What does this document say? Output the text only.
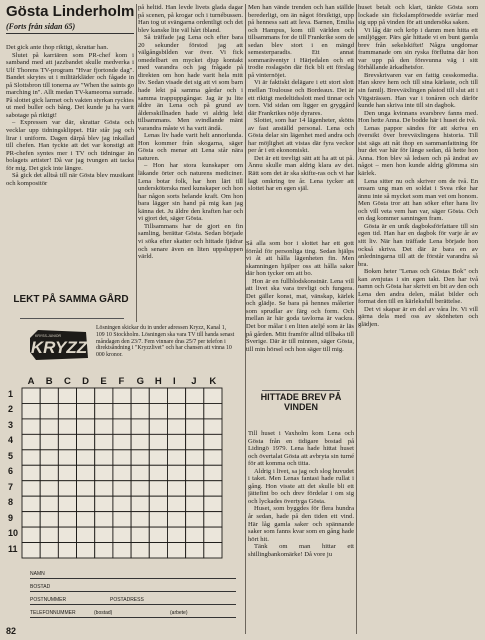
Gösta Linderholm
(Forts från sidan 65)

Det gick ante ihop riktigt, skrattar han.

Slutet på karriären som PR-chef kom i samband med att jazzbandet skulle medverka i Ulf Thorens TV-program "Hvar fjortonde dag". Bandet skrytes ut i militärkläder och fågade in på Slottsbron till tonerna av "When the saints go marching in". Allt medan TV-kameorna surrade. På slottet gick larmet och vakten styrkan rycktes ut med buller och bång. Det kunde ju ha varit sabotage på riktigt!

– Expressen var där, skrattar Gösta och vecklar upp tidningsklippet. Här står jag och lirar i uniform. Dagen därpå blev jag inkallad till chefen. Han tyckte att det var konstigt att PR-chefen syntes mer i TV och tidningar än bolagets artister! Då var jag tvungen att tacka för mig. Det gick inte längre.

Så gick det alltså till när Gösta blev musikant och kompositör

LEKT PÅ SAMMA GÅRD

på heltid. Han levde livets glada dagar på scenen, på krogar och i turnébussen. Han tog ut svängarna ordentligt och det blev kanske lite väl hårt ibland.

Så träffade jag Lena och efter bara 20 sekunder förstod jag att välgångsbilden var över. Vi fick omedelbart en mycket djup kontakt med varandra och jag frågade på direkten om hon hade varit hela mitt liv. Sedan visade det sig att vi som barn hade lekt på samma gårdar och i samma trappuppgångar. Jag är ju lite äldre än Lena och på grund av åldersskillnaden hade vi aldrig lekt tillsammans. Men svindlande mänt varandra måste vi ha varit ändå.

Lenas liv hade varit helt annorlunda. Hon kommer från skogarna, säger Gösta och menar att Lena står nära naturen.

– Hon har stora kunskaper om läkande örter och naturens mediciner. Lena botar folk, har hon lärt till undersköterska med kunskaper och hon har någon sorts helande kraft. Om hon bara lägger sin hand på mig kan jag känna det. Ju äldre den kraften har och vi gjort det, säger Gösta.

Tillsammans har de gjort en fin samling, berättar Gösta. Sedan började vi söka efter skatter och hittade fjädrar och senare även en liten uppsluppen värld.

Men han vände trenden och han ställde berederligt, om än något försiktigt, upp på henness satt att leva. Barnen, Emilia och Hampus, kom till världen och tillsammans for de till Frankrike som de sedan blev stort i en mängd semesterparadis. Ett annat sommaräventyr i Härjedalen och ett trodie roslagsön där fick bli ett förslag på vinternöjet.

Vi är faktiskt delägare i ett stort slott mellan Toulouse och Bordeaux. Det är ett riktigt medeltidsslott med tinnar och torn. Vid sidan om ligger en gryggård där Frankrikes nöje dyrares.

Slottet, som har 14 lägenheter, skötts av fast anställd personal. Lena och Gösta delar sin lägenhet med andra och har möjlighet att vistas där fyra veckor per år i ett ekonomiskt.

Det är ett trevligt sätt att ha att ut på. Ännu skulle man aldrig klara av det. Rätt som det är ska skifte-ras och vi har lagt omkring tre år. Lena tycker att slottet har en egen själ.

Så alla som bor i slottet har ett gott förråd för personliga ting. Sedan hjälps vi åt att hålla lägenheten fin. Men skamningen hjälper oss att hålla saker där hon tycker om att bo.

Hon är en fullblodskonstnär. Lena vill att livet ska vara trevligt och fungera. Det gäller konst, mat, vänskap, kärlek och glädje. Se bara på hennes målerier som sprudlar av färg och form. Och mellan är här goda tavlorna är vackra. Det bor målar i en liten ateljé som är läs på gården. Mitt framför alltid tillbaka till Sverige. Där är till minnen, säger Gösta, till min hörsel och hon säger till mig.

HITTADE BREV PÅ VINDEN

Till huset i Vaxholm kom Lena och Gösta från en tidigare bostad på Lidingö 1979. Lena hade hittat huset och övertalat Gösta att avbryta sin turné för att komma och titta.

Aldrig i livet, sa jag och slog huvudet i taket. Men Lenas fantasi hade rullat i gång. Hon visste att det skulle bli ett jättefint bo och drev fördelar i om sig och lyckades övertyga Gösta.

Huset, som byggdes för flera hundra år sedan, hade på den tiden ett vind. Här låg gamla saker och spännande saker som fanns kvar som en gång hade hört hit.

Tänk om man hittar ett shillingbankomärke! Då vore ju

huset betalt och klart, tänkte Gösta som lockade sin fickslampförsedde svärfar med sig upp på vinden för att undersöka saken.

Vi låg där och kröp i damm men hitta ett smiljögger. Pärs går hittade vi en bunt gamla brev från sekelskiftet! Några ungdomar frammanade om sin ryska förflutna där hon var upp på den försvunna väg i sitt förhållande ärkadhetsfor.

Brevskrivaren var en fattig cesskomedia. Han skrev hem och till sina kärlaste, och till sin familj. Brevväxlingen påstod till slut att i Vitgsträssen. Han var i tonåren och därför kunde han skriva inte till sin dagbok.

Den unga kvinnans svarsbrev fanns med. Hon hette Anna. De bodde här i huset de två.

Lenas pappor sändes för att skriva en översikt över brevväxlingens historia. Till sist sägs att nåt ihop en sammanfattning för hur det var här för länge sedan, då hette hon Anna. Hon blev så ledsen och på ändrat av något – men hon kunde aldrig glömma sin kärlek.

Lena sitter nu och skriver om de två. En ensam ung man en soldat i Svea rike har ännu inte så mycket som man vet om honom. Men Gösta tror att han söker efter hans liv och vill veta vem han var, säger Gösta. Och en dag kommer sanningen fram.

Gösta är en unik dagboksförfattare till sin egen tid. Han har en dagbok för varje år av sitt liv. När han träffade Lena började hon också skriva. Det där är bara en av anledningarna till att de förstår varandra så bra.

Boken heter "Lenas och Göstas Bok" och kan avnjutas i sin egen takt. Den har två namn och Gösta har skrivit en bit av den och Lena den andra delen, målat bilder och format den till en kärleksfull berättelse.

Det vi skapar är en del av våra liv. Vi vill gärna dela med oss av skönheten och glädjen.

KRYZZ
KRYSS-JUNIOR
Lösningen skickar du in under adressen Kryzz, Kanal 1, 109 10 Stockholm. Lösningen ska vara TV till handa senast måndagen den 23/7. Fem vinnare dras 25/7 per telefon i direktsändning i "Kryzzlivet" och har chansen att vinna 10 000 kronor.
A B C D E F G H I J K
1
2
3
4
5
6
7
8
9
10
11
NAMN
BOSTAD
POSTNUMMER	POSTADRESS
TELEFONNUMMER	(bostad)	(arbete)
82
